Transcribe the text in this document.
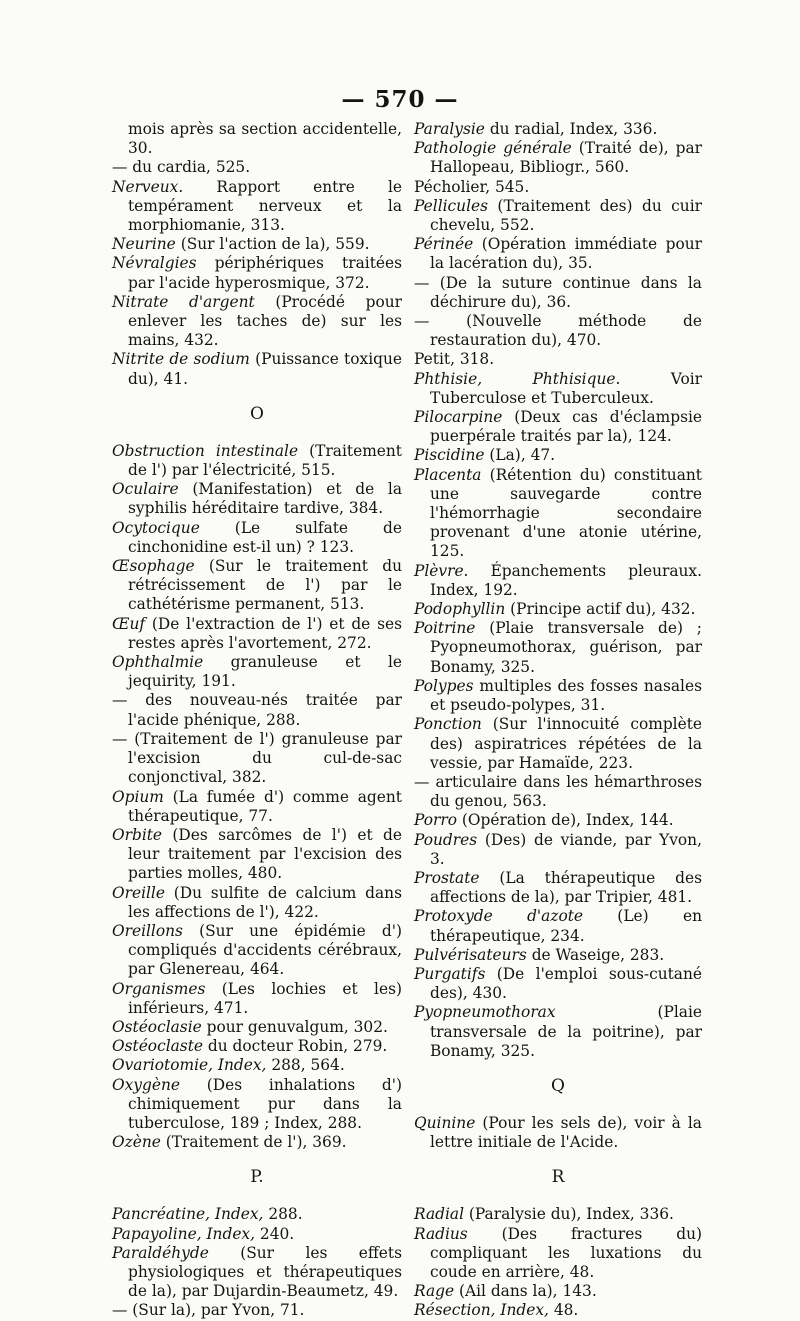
— 570 —

mois après sa section accidentelle, 30.

— du cardia, 525.

Nerveux. Rapport entre le tempérament nerveux et la morphiomanie, 313.

Neurine (Sur l'action de la), 559.

Névralgies périphériques traitées par l'acide hyperosmique, 372.

Nitrate d'argent (Procédé pour enlever les taches de) sur les mains, 432.

Nitrite de sodium (Puissance toxique du), 41.

O

Obstruction intestinale (Traitement de l') par l'électricité, 515.

Oculaire (Manifestation) et de la syphilis héréditaire tardive, 384.

Ocytocique (Le sulfate de cinchonidine est-il un) ? 123.

Œsophage (Sur le traitement du rétrécissement de l') par le cathétérisme permanent, 513.

Œuf (De l'extraction de l') et de ses restes après l'avortement, 272.

Ophthalmie granuleuse et le jequirity, 191.

— des nouveau-nés traitée par l'acide phénique, 288.

— (Traitement de l') granuleuse par l'excision du cul-de-sac conjonctival, 382.

Opium (La fumée d') comme agent thérapeutique, 77.

Orbite (Des sarcômes de l') et de leur traitement par l'excision des parties molles, 480.

Oreille (Du sulfite de calcium dans les affections de l'), 422.

Oreillons (Sur une épidémie d') compliqués d'accidents cérébraux, par Glenereau, 464.

Organismes (Les lochies et les) inférieurs, 471.

Ostéoclasie pour genuvalgum, 302.

Ostéoclaste du docteur Robin, 279.

Ovariotomie, Index, 288, 564.

Oxygène (Des inhalations d') chimiquement pur dans la tuberculose, 189 ; Index, 288.

Ozène (Traitement de l'), 369.

P.

Pancréatine, Index, 288.

Papayoline, Index, 240.

Paraldéhyde (Sur les effets physiologiques et thérapeutiques de la), par Dujardin-Beaumetz, 49.

— (Sur la), par Yvon, 71.

Paralysie du radial, Index, 336.

Pathologie générale (Traité de), par Hallopeau, Bibliogr., 560.

Pécholier, 545.

Pellicules (Traitement des) du cuir chevelu, 552.

Périnée (Opération immédiate pour la lacération du), 35.

— (De la suture continue dans la déchirure du), 36.

— (Nouvelle méthode de restauration du), 470.

Petit, 318.

Phthisie, Phthisique. Voir Tuberculose et Tuberculeux.

Pilocarpine (Deux cas d'éclampsie puerpérale traités par la), 124.

Piscidine (La), 47.

Placenta (Rétention du) constituant une sauvegarde contre l'hémorrhagie secondaire provenant d'une atonie utérine, 125.

Plèvre. Épanchements pleuraux. Index, 192.

Podophyllin (Principe actif du), 432.

Poitrine (Plaie transversale de) ; Pyopneumothorax, guérison, par Bonamy, 325.

Polypes multiples des fosses nasales et pseudo-polypes, 31.

Ponction (Sur l'innocuité complète des) aspiratrices répétées de la vessie, par Hamaïde, 223.

— articulaire dans les hémarthroses du genou, 563.

Porro (Opération de), Index, 144.

Poudres (Des) de viande, par Yvon, 3.

Prostate (La thérapeutique des affections de la), par Tripier, 481.

Protoxyde d'azote (Le) en thérapeutique, 234.

Pulvérisateurs de Waseige, 283.

Purgatifs (De l'emploi sous-cutané des), 430.

Pyopneumothorax (Plaie transversale de la poitrine), par Bonamy, 325.

Q

Quinine (Pour les sels de), voir à la lettre initiale de l'Acide.

R

Radial (Paralysie du), Index, 336.

Radius (Des fractures du) compliquant les luxations du coude en arrière, 48.

Rage (Ail dans la), 143.

Résection, Index, 48.
